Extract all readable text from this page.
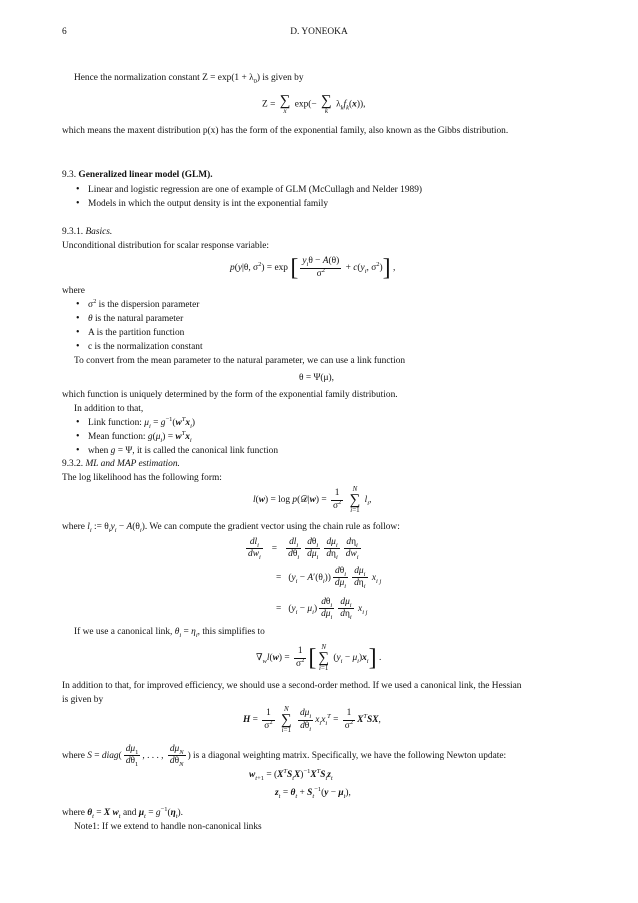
6	D. YONEOKA
Hence the normalization constant $Z = \exp(1 + \lambda_0)$ is given by
Z = ∑
x exp(− ∑
k $\lambda_kf_k(x)$),
which means the maxent distribution p(x) has the form of the exponential family, also known as the Gibbs distribution.
9.3. Generalized linear model (GLM).
• Linear and logistic regression are one of example of GLM (McCullagh and Nelder 1989)
• Models in which the output density is int the exponential family
9.3.1. Basics.
Unconditional distribution for scalar response variable:
p(y|θ, $\sigma^2) = \exp$ [ $\frac{y_i\theta - A(\theta)}{\sigma^2} + c(y_i$, $\sigma^2$)] ,
where
• $\sigma^2$ is the dispersion parameter
• θ is the natural parameter
• A is the partition function
• c is the normalization constant
To convert from the mean parameter to the natural parameter, we can use a link function
θ = Ψ(μ),
which function is uniquely determined by the form of the exponential family distribution.
In addition to that,
• Link function: $\mu_i = g^{-1}(w^Tx_i)$
• Mean function: $g(\mu_i) = w^Tx_i$
• when g = Ψ, it is called the canonical link function
9.3.2. ML and MAP estimation.
The log likelihood has the following form:
l(w) = log p(𝒟|w) = $\frac{1}{\sigma^2}$
N
∑
i=1 $l_i$,
where $l_i$ := $\theta_iy_i - A(\theta_i)$. We can compute the gradient vector using the chain rule as follow:
$\frac{dl_i}{dw_i} = \frac{dl_i}{d\theta_i} \frac{d\theta_i}{d\mu_i} \frac{d\mu_i}{d\eta_i} \frac{d\eta_i}{dw_i}$
=   $(y_i - A'(\theta_i)) \frac{d\theta_i}{d\mu_i} \frac{d\mu_i}{d\eta_i} x_{i j}$
=   $(y_i - \mu_i) \frac{d\theta_i}{d\mu_i} \frac{d\mu_i}{d\eta_i} x_{i j}$
If we use a canonical link, $\theta_i = \eta_i$, this simplifies to
$\nabla_wl(w) = \frac{1}{\sigma^2}$ [ N
∑
i=1 $(y_i - \mu_i)x_i$] .
In addition to that, for improved efficiency, we should use a second-order method. If we used a canonical link, the Hessian
is given by
$H = \frac{1}{\sigma^2}$
N
∑
$i=1 \frac{d\mu_i}{d\theta_i} x_ix_i^T = \frac{1}{\sigma^2} X^TSX$,
where S = diag( $\frac{d\mu_1}{d\theta_1}$ , . . . , $\frac{d\mu_N}{d\theta_N}$ ) is a diagonal weighting matrix. Specifically, we have the following Newton update:
$w_{t+1} = (X^TS_tX)^{-1}X^TS_tz_t$
$z_t = \theta_t + S_t^{-1}(y - \mu_t)$,
where $\theta_t = X$ $w_t$ and $\mu_t = g^{-1}(\eta_t)$.
Note1: If we extend to handle non-canonical links
